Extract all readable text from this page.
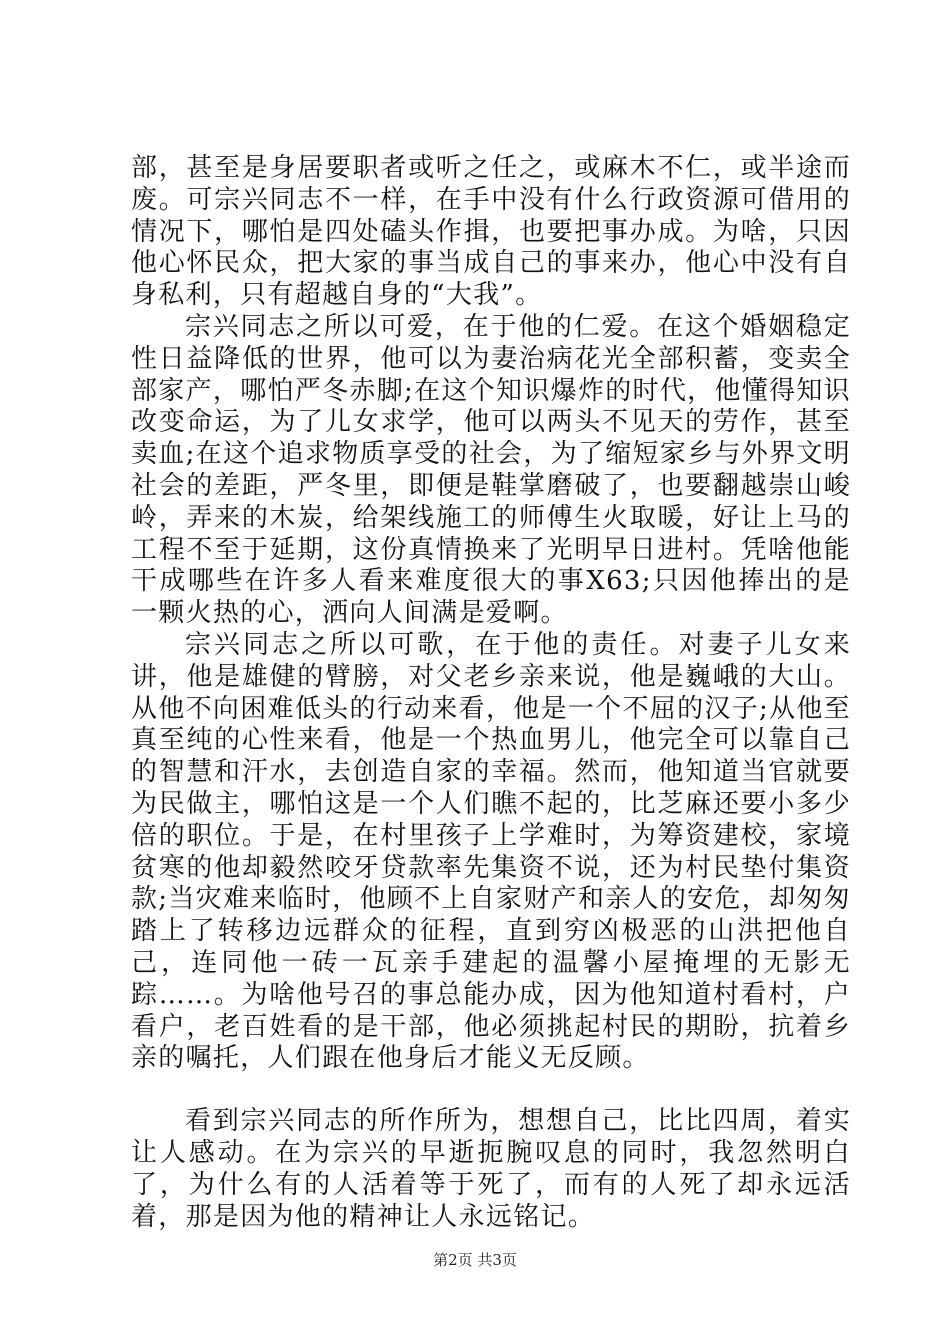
部，甚至是身居要职者或听之任之，或麻木不仁，或半途而废。可宗兴同志不一样，在手中没有什么行政资源可借用的情况下，哪怕是四处磕头作揖，也要把事办成。为啥，只因他心怀民众，把大家的事当成自己的事来办，他心中没有自身私利，只有超越自身的“大我”。

宗兴同志之所以可爱，在于他的仁爱。在这个婚姻稳定性日益降低的世界，他可以为妻治病花光全部积蓄，变卖全部家产，哪怕严冬赤脚;在这个知识爆炸的时代，他懂得知识改变命运，为了儿女求学，他可以两头不见天的劳作，甚至卖血;在这个追求物质享受的社会，为了缩短家乡与外界文明社会的差距，严冬里，即便是鞋掌磨破了，也要翻越崇山峻岭，弄来的木炭，给架线施工的师傅生火取暖，好让上马的工程不至于延期，这份真情换来了光明早日进村。凭啥他能干成哪些在许多人看来难度很大的事X63;只因他捧出的是一颗火热的心，洒向人间满是爱啊。

宗兴同志之所以可歌，在于他的责任。对妻子儿女来讲，他是雄健的臂膀，对父老乡亲来说，他是巍峨的大山。从他不向困难低头的行动来看，他是一个不屈的汉子;从他至真至纯的心性来看，他是一个热血男儿，他完全可以靠自己的智慧和汗水，去创造自家的幸福。然而，他知道当官就要为民做主，哪怕这是一个人们瞧不起的，比芝麻还要小多少倍的职位。于是，在村里孩子上学难时，为筹资建校，家境贫寒的他却毅然咬牙贷款率先集资不说，还为村民垫付集资款;当灾难来临时，他顾不上自家财产和亲人的安危，却匆匆踏上了转移边远群众的征程，直到穷凶极恶的山洪把他自己，连同他一砖一瓦亲手建起的温馨小屋掩埋的无影无踪……。为啥他号召的事总能办成，因为他知道村看村，户看户，老百姓看的是干部，他必须挑起村民的期盼，抗着乡亲的嘱托，人们跟在他身后才能义无反顾。

看到宗兴同志的所作所为，想想自己，比比四周，着实让人感动。在为宗兴的早逝扼腕叹息的同时，我忽然明白了，为什么有的人活着等于死了，而有的人死了却永远活着，那是因为他的精神让人永远铭记。

第2页 共3页
